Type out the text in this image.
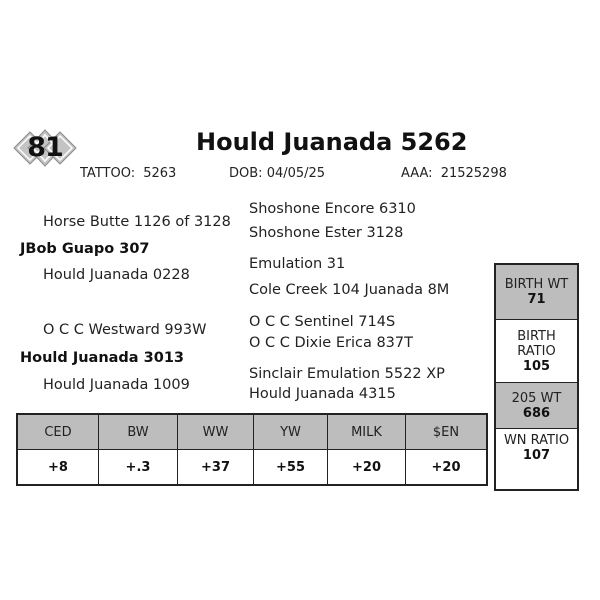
81	Hould Juanada 5262
TATTOO: 5263	DOB: 04/05/25	AAA: 21525298
Horse Butte 1126 of 3128
JBob Guapo 307
Hould Juanada 0228
O C C Westward 993W
Hould Juanada 3013
Hould Juanada 1009
Shoshone Encore 6310
Shoshone Ester 3128
Emulation 31
Cole Creek 104 Juanada 8M
O C C Sentinel 714S
O C C Dixie Erica 837T
Sinclair Emulation 5522 XP
Hould Juanada 4315
CED	BW	WW	YW	MILK	$EN
+8	+.3	+37	+55	+20	+20
BIRTH WT
71
BIRTH RATIO
105
205 WT
686
WN RATIO
107
